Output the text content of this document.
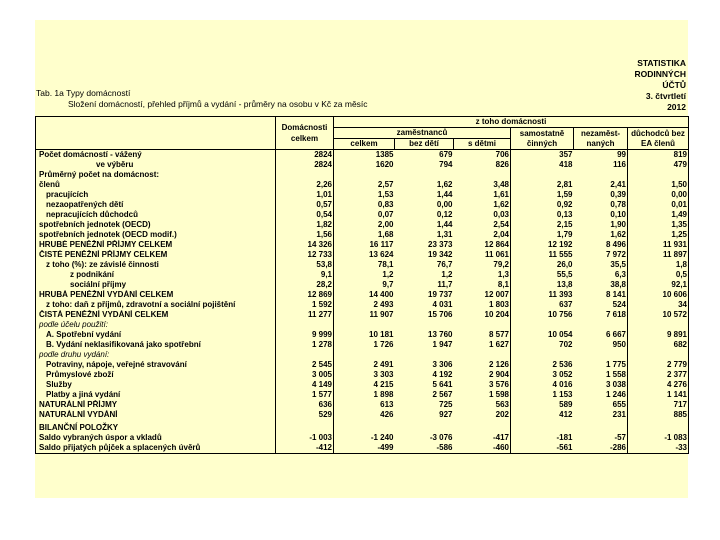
Tab. 1a Typy domácností
Složení domácností, přehled příjmů a vydání - průměry na osobu v Kč za měsíc
STATISTIKA
RODINNÝCH
ÚČTŮ
3. čtvrtletí
2012
	Domácnosti celkem	z toho domácnosti					
		zaměstnanců			samostatně činných	nezaměst-naných	důchodců bez EA členů
		celkem	bez dětí	s dětmi			
Počet domácností - vážený	2824	1385	679	706	357	99	819
ve výběru	2824	1620	794	826	418	116	479
Průměrný počet na domácnost:							
členů	2,26	2,57	1,62	3,48	2,81	2,41	1,50
pracujících	1,01	1,53	1,44	1,61	1,59	0,39	0,00
nezaopatřených dětí	0,57	0,83	0,00	1,62	0,92	0,78	0,01
nepracujících důchodců	0,54	0,07	0,12	0,03	0,13	0,10	1,49
spotřebních jednotek (OECD)	1,82	2,00	1,44	2,54	2,15	1,90	1,35
spotřebních jednotek (OECD modif.)	1,56	1,68	1,31	2,04	1,79	1,62	1,25
HRUBÉ PENĚŽNÍ PŘÍJMY CELKEM	14 326	16 117	23 373	12 864	12 192	8 496	11 931
ČISTÉ PENĚŽNÍ PŘÍJMY CELKEM	12 733	13 624	19 342	11 061	11 555	7 972	11 897
z toho (%): ze závislé činnosti	53,8	78,1	76,7	79,2	26,0	35,5	1,8
z podnikání	9,1	1,2	1,2	1,3	55,5	6,3	0,5
sociální příjmy	28,2	9,7	11,7	8,1	13,8	38,8	92,1
HRUBÁ PENĚŽNÍ VYDÁNÍ CELKEM	12 869	14 400	19 737	12 007	11 393	8 141	10 606
z toho: daň z příjmů, zdravotní a sociální pojištění	1 592	2 493	4 031	1 803	637	524	34
ČISTÁ PENĚŽNÍ VYDÁNÍ CELKEM	11 277	11 907	15 706	10 204	10 756	7 618	10 572
podle účelu použití:							
A. Spotřební vydání	9 999	10 181	13 760	8 577	10 054	6 667	9 891
B. Vydání neklasifikovaná jako spotřební	1 278	1 726	1 947	1 627	702	950	682
podle druhu vydání:							
Potraviny, nápoje, veřejné stravování	2 545	2 491	3 306	2 126	2 536	1 775	2 779
Průmyslové zboží	3 005	3 303	4 192	2 904	3 052	1 558	2 377
Služby	4 149	4 215	5 641	3 576	4 016	3 038	4 276
Platby a jiná vydání	1 577	1 898	2 567	1 598	1 153	1 246	1 141
NATURÁLNÍ PŘÍJMY	636	613	725	563	589	655	717
NATURÁLNÍ VYDÁNÍ	529	426	927	202	412	231	885
BILANČNÍ POLOŽKY							
Saldo vybraných úspor a vkladů	-1 003	-1 240	-3 076	-417	-181	-57	-1 083
Saldo přijatých půjček a splacených úvěrů	-412	-499	-586	-460	-561	-286	-33
